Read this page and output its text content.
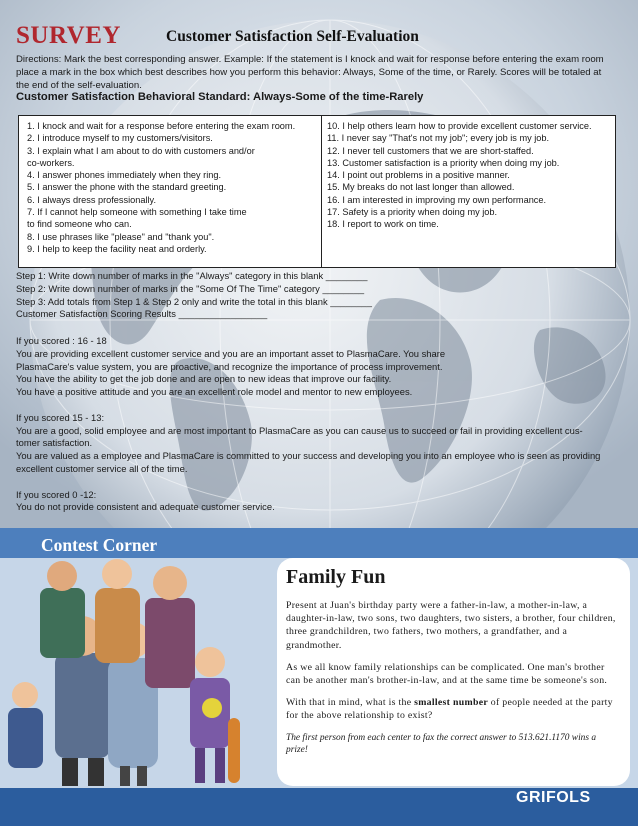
SURVEY	Customer Satisfaction Self-Evaluation
Directions: Mark the best corresponding answer. Example: If the statement is I knock and wait for response before entering the exam room place a mark in the box which best describes how you perform this behavior: Always, Some of the time, or Rarely. Scores will be totaled at the end of the self-evaluation.
Customer Satisfaction Behavioral Standard: Always-Some of the time-Rarely
1. I knock and wait for a response before entering the exam room.
2. I introduce myself to my customers/visitors.
3. I explain what I am about to do with customers and/or
co-workers.
4. I answer phones immediately when they ring.
5. I answer the phone with the standard greeting.
6. I always dress professionally.
7. If I cannot help someone with something I take time
to find someone who can.
8. I use phrases like "please" and "thank you".
9. I help to keep the facility neat and orderly.
10. I help others learn how to provide excellent customer service.
11. I never say "That's not my job"; every job is my job.
12. I never tell customers that we are short-staffed.
13. Customer satisfaction is a priority when doing my job.
14. I point out problems in a positive manner.
15. My breaks do not last longer than allowed.
16. I am interested in improving my own performance.
17. Safety is a priority when doing my job.
18. I report to work on time.
Step 1: Write down number of marks in the "Always" category in this blank ________
Step 2: Write down number of marks in the "Some Of The Time" category ________
Step 3: Add totals from Step 1 & Step 2 only and write the total in this blank ________
Customer Satisfaction Scoring Results _________________

If you scored : 16 - 18
You are providing excellent customer service and you are an important asset to PlasmaCare. You share
PlasmaCare's value system, you are proactive, and recognize the importance of process improvement.
You have the ability to get the job done and are open to new ideas that improve our facility.
You have a positive attitude and you are an excellent role model and mentor to new employees.

If you scored 15 - 13:
You are a good, solid employee and are most important to PlasmaCare as you can cause us to succeed or fail in providing excellent cus-
tomer satisfaction.
You are valued as a employee and PlasmaCare is committed to your success and developing you into an employee who is seen as providing
excellent customer service all of the time.

If you scored 0 -12:
You do not provide consistent and adequate customer service.

Contest Corner
Family Fun

Present at Juan's birthday party were a father-in-law, a mother-in-law, a daughter-in-law, two sons, two daughters, two sisters, a brother, four children, three grandchildren, two fathers, two mothers, a grandfather, and a grandmother.

As we all know family relationships can be complicated. One man's brother can be another man's brother-in-law, and at the same time be someone's son.

With that in mind, what is the smallest number of people needed at the party for the above relationship to exist?

The first person from each center to fax the correct answer to 513.621.1170 wins a prize!

GRIFOLS
